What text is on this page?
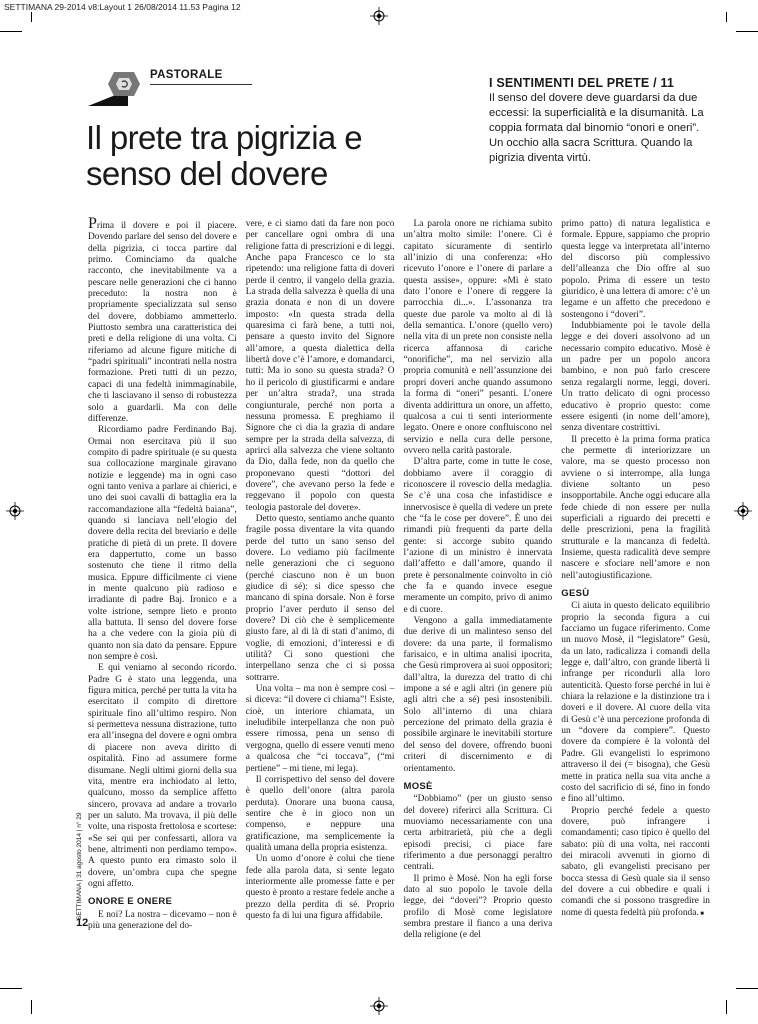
SETTIMANA 29-2014 v8:Layout 1 26/08/2014 11.53 Pagina 12
PASTORALE
Il prete tra pigrizia e senso del dovere
I SENTIMENTI DEL PRETE / 11
Il senso del dovere deve guardarsi da due eccessi: la superficialità e la disumanità. La coppia formata dal binomio “onori e oneri”. Un occhio alla sacra Scrittura. Quando la pigrizia diventa virtù.

Prima il dovere e poi il piacere. Dovendo parlare del senso del dovere e della pigrizia, ci tocca partire dal primo. Cominciamo da qualche racconto, che inevitabilmente va a pescare nelle generazioni che ci hanno preceduto: la nostra non è propriamente specializzata sul senso del dovere, dobbiamo ammetterlo. Piuttosto sembra una caratteristica dei preti e della religione di una volta. Ci riferiamo ad alcune figure mitiche di “padri spirituali” incontrati nella nostra formazione. Preti tutti di un pezzo, capaci di una fedeltà inimmaginabile, che ti lasciavano il senso di robustezza solo a guardarli. Ma con delle differenze.

Ricordiamo padre Ferdinando Baj. Ormai non esercitava più il suo compito di padre spirituale (e su questa sua collocazione marginale giravano notizie e leggende) ma in ogni caso ogni tanto veniva a parlare ai chierici, e uno dei suoi cavalli di battaglia era la raccomandazione alla “fedeltà baiana”, quando si lanciava nell’elogio del dovere della recita del breviario e delle pratiche di pietà di un prete. Il dovere era dappertutto, come un basso sostenuto che tiene il ritmo della musica. Eppure difficilmente ci viene in mente qualcuno più radioso e irradiante di padre Baj. Ironico e a volte istrione, sempre lieto e pronto alla battuta. Il senso del dovere forse ha a che vedere con la gioia più di quanto non sia dato da pensare. Eppure non sempre è così.

E qui veniamo al secondo ricordo. Padre G è stato una leggenda, una figura mitica, perché per tutta la vita ha esercitato il compito di direttore spirituale fino all’ultimo respiro. Non si permetteva nessuna distrazione, tutto era all’insegna del dovere e ogni ombra di piacere non aveva diritto di ospitalità. Fino ad assumere forme disumane. Negli ultimi giorni della sua vita, mentre era inchiodato al letto, qualcuno, mosso da semplice affetto sincero, provava ad andare a trovarlo per un saluto. Ma trovava, il più delle volte, una risposta frettolosa e scortese: «Se sei qui per confessarti, allora va bene, altrimenti non perdiamo tempo». A questo punto era rimasto solo il dovere, un’ombra cupa che spegne ogni affetto.

ONORE E ONERE

E noi? La nostra – dicevamo – non è più una generazione del do-

vere, e ci siamo dati da fare non poco per cancellare ogni ombra di una religione fatta di prescrizioni e di leggi. Anche papa Francesco ce lo sta ripetendo: una religione fatta di doveri perde il centro, il vangelo della grazia. La strada della salvezza è quella di una grazia donata e non di un dovere imposto: «In questa strada della quaresima ci farà bene, a tutti noi, pensare a questo invito del Signore all’amore, a questa dialettica della libertà dove c’è l’amore, e domandarci, tutti: Ma io sono su questa strada? O ho il pericolo di giustificarmi e andare per un’altra strada?, una strada congiunturale, perché non porta a nessuna promessa. E preghiamo il Signore che ci dia la grazia di andare sempre per la strada della salvezza, di aprirci alla salvezza che viene soltanto da Dio, dalla fede, non da quello che proponevano questi “dottori del dovere”, che avevano perso la fede e reggevano il popolo con questa teologia pastorale del dovere».

Detto questo, sentiamo anche quanto fragile possa diventare la vita quando perde del tutto un sano senso del dovere. Lo vediamo più facilmente nelle generazioni che ci seguono (perché ciascuno non è un buon giudice di sé): si dice spesso che mancano di spina dorsale. Non è forse proprio l’aver perduto il senso del dovere? Di ciò che è semplicemente giusto fare, al di là di stati d’animo, di voglie, di emozioni, d’interessi e di utilità? Ci sono questioni che interpellano senza che ci si possa sottrarre.

Una volta – ma non è sempre così – si diceva: “il dovere ci chiama”! Esiste, cioè, un interiore chiamata, un ineludibile interpellanza che non può essere rimossa, pena un senso di vergogna, quello di essere venuti meno a qualcosa che “ci toccava”, (“mi pertiene” – mi tiene, mi lega).

Il corrispettivo del senso del dovere è quello dell’onore (altra parola perduta). Onorare una buona causa, sentire che è in gioco non un compenso, e neppure una gratificazione, ma semplicemente la qualità umana della propria esistenza.

Un uomo d’onore è colui che tiene fede alla parola data, si sente legato interiormente alle promesse fatte e per questo è pronto a restare fedele anche a prezzo della perdita di sé. Proprio questo fa di lui una figura affidabile.

La parola onore ne richiama subito un’altra molto simile: l’onere. Ci è capitato sicuramente di sentirlo all’inizio di una conferenza: «Ho ricevuto l’onore e l’onere di parlare a questa assise», oppure: «Mi è stato dato l’onore e l’onere di reggere la parrocchia di...». L’assonanza tra queste due parole va molto al di là della semantica. L’onore (quello vero) nella vita di un prete non consiste nella ricerca affannosa di cariche “onorifiche”, ma nel servizio alla propria comunità e nell’assunzione dei propri doveri anche quando assumono la forma di “oneri” pesanti. L’onere diventa addirittura un onore, un affetto, qualcosa a cui ti senti interiormente legato. Onere e onore confluiscono nel servizio e nella cura delle persone, ovvero nella carità pastorale.

D’altra parte, come in tutte le cose, dobbiamo avere il coraggio di riconoscere il rovescio della medaglia. Se c’è una cosa che infastidisce e innervosisce è quella di vedere un prete che “fa le cose per dovere”. È uno dei rimandi più frequenti da parte della gente: si accorge subito quando l’azione di un ministro è innervata dall’affetto e dall’amore, quando il prete è personalmente coinvolto in ciò che fa e quando invece esegue meramente un compito, privo di animo e di cuore.

Vengono a galla immediatamente due derive di un malinteso senso del dovere: da una parte, il formalismo farisaico, e in ultima analisi ipocrita, che Gesù rimprovera ai suoi oppositori; dall’altra, la durezza del tratto di chi impone a sé e agli altri (in genere più agli altri che a sé) pesi insostenibili. Solo all’interno di una chiara percezione del primato della grazia è possibile arginare le inevitabili storture del senso del dovere, offrendo buoni criteri di discernimento e di orientamento.

MOSÈ

“Dobbiamo” (per un giusto senso del dovere) riferirci alla Scrittura. Ci muoviamo necessariamente con una certa arbitrarietà, più che a degli episodi precisi, ci piace fare riferimento a due personaggi peraltro centrali.

Il primo è Mosè. Non ha egli forse dato al suo popolo le tavole della legge, dei “doveri”? Proprio questo profilo di Mosè come legislatore sembra prestare il fianco a una deriva della religione (e del

primo patto) di natura legalistica e formale. Eppure, sappiamo che proprio questa legge va interpretata all’interno del discorso più complessivo dell’alleanza che Dio offre al suo popolo. Prima di essere un testo giuridico, è una lettera di amore: c’è un legame e un affetto che precedono e sostengono i “doveri”.

Indubbiamente poi le tavole della legge e dei doveri assolvono ad un necessario compito educativo. Mosè è un padre per un popolo ancora bambino, e non può farlo crescere senza regalargli norme, leggi, doveri. Un tratto delicato di ogni processo educativo è proprio questo: come essere esigenti (in nome dell’amore), senza diventare costrittivi.

Il precetto è la prima forma pratica che permette di interiorizzare un valore, ma se questo processo non avviene o si interrompe, alla lunga diviene soltanto un peso insopportabile. Anche oggi educare alla fede chiede di non essere per nulla superficiali a riguardo dei precetti e delle prescrizioni, pena la fragilità strutturale e la mancanza di fedeltà. Insieme, questa radicalità deve sempre nascere e sfociare nell’amore e non nell’autogiustificazione.

GESÙ

Ci aiuta in questo delicato equilibrio proprio la seconda figura a cui facciamo un fugace riferimento. Come un nuovo Mosè, il “legislatore” Gesù, da un lato, radicalizza i comandi della legge e, dall’altro, con grande libertà li infrange per ricondurli alla loro autenticità. Questo forse perché in lui è chiara la relazione e la distinzione tra i doveri e il dovere. Al cuore della vita di Gesù c’è una percezione profonda di un “dovere da compiere”. Questo dovere da compiere è la volontà del Padre. Gli evangelisti lo esprimono attraverso il dei (= bisogna), che Gesù mette in pratica nella sua vita anche a costo del sacrificio di sé, fino in fondo e fino all’ultimo.

Proprio perché fedele a questo dovere, può infrangere i comandamenti; caso tipico è quello del sabato: più di una volta, nei racconti dei miracoli avvenuti in giorno di sabato, gli evangelisti precisano per bocca stessa di Gesù quale sia il senso del dovere a cui obbedire e quali i comandi che si possono trasgredire in nome di questa fedeltà più profonda. ■

SETTIMANA | 31 agosto 2014 | n° 29
12
